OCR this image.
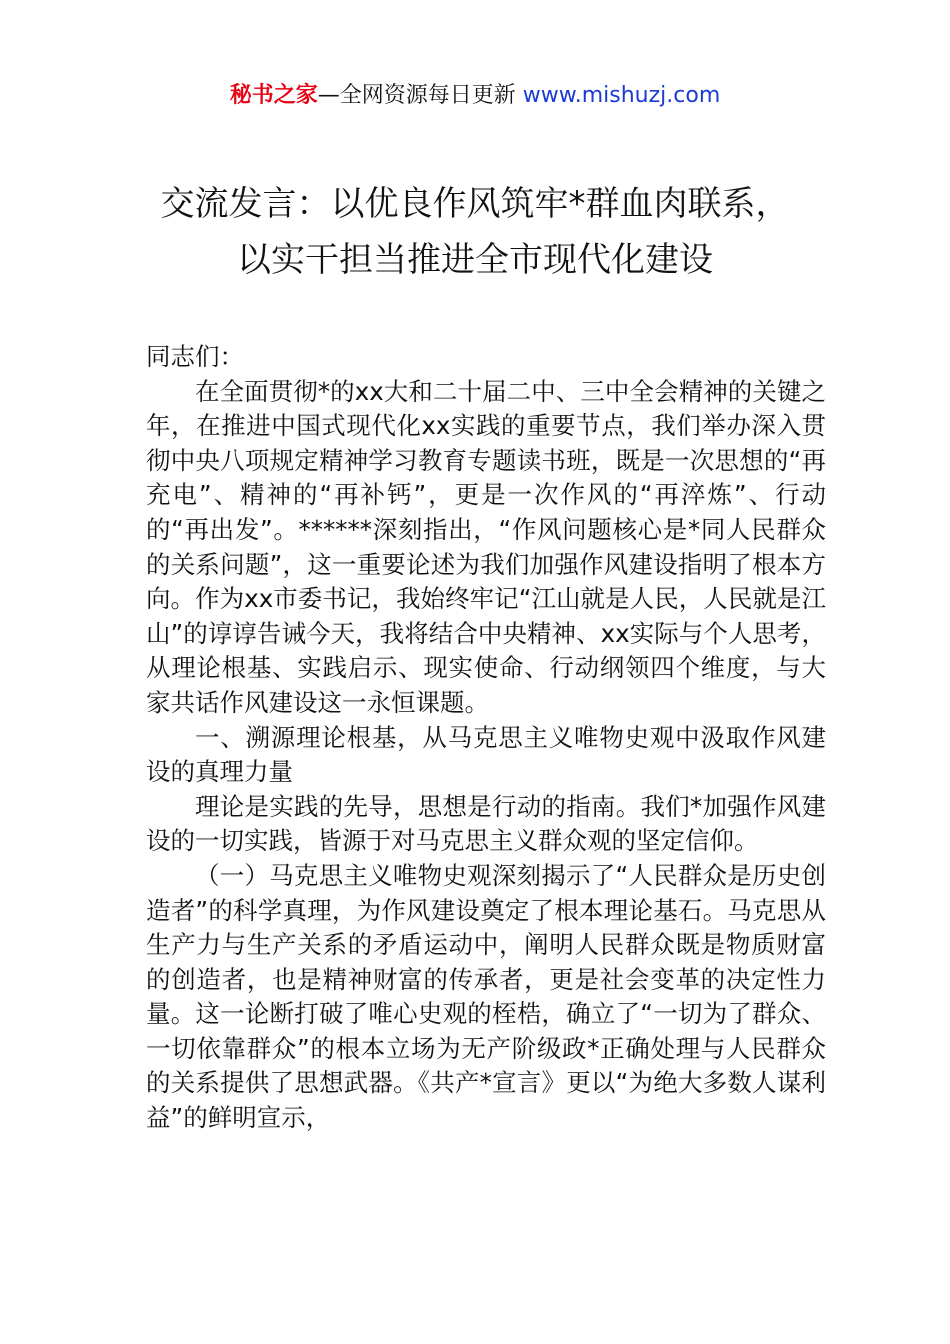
秘书之家—全网资源每日更新 www.mishuzj.com
交流发言：以优良作风筑牢*群血肉联系，
以实干担当推进全市现代化建设

同志们：

在全面贯彻*的xx大和二十届二中、三中全会精神的关键之年，在推进中国式现代化xx实践的重要节点，我们举办深入贯彻中央八项规定精神学习教育专题读书班，既是一次思想的“再充电”、精神的“再补钙”，更是一次作风的“再淬炼”、行动的“再出发”。******深刻指出，“作风问题核心是*同人民群众的关系问题”，这一重要论述为我们加强作风建设指明了根本方向。作为xx市委书记，我始终牢记“江山就是人民，人民就是江山”的谆谆告诫今天，我将结合中央精神、xx实际与个人思考，从理论根基、实践启示、现实使命、行动纲领四个维度，与大家共话作风建设这一永恒课题。

一、溯源理论根基，从马克思主义唯物史观中汲取作风建设的真理力量

理论是实践的先导，思想是行动的指南。我们*加强作风建设的一切实践，皆源于对马克思主义群众观的坚定信仰。

（一）马克思主义唯物史观深刻揭示了“人民群众是历史创造者”的科学真理，为作风建设奠定了根本理论基石。马克思从生产力与生产关系的矛盾运动中，阐明人民群众既是物质财富的创造者，也是精神财富的传承者，更是社会变革的决定性力量。这一论断打破了唯心史观的桎梏，确立了“一切为了群众、一切依靠群众”的根本立场为无产阶级政*正确处理与人民群众的关系提供了思想武器。《共产*宣言》更以“为绝大多数人谋利益”的鲜明宣示，
